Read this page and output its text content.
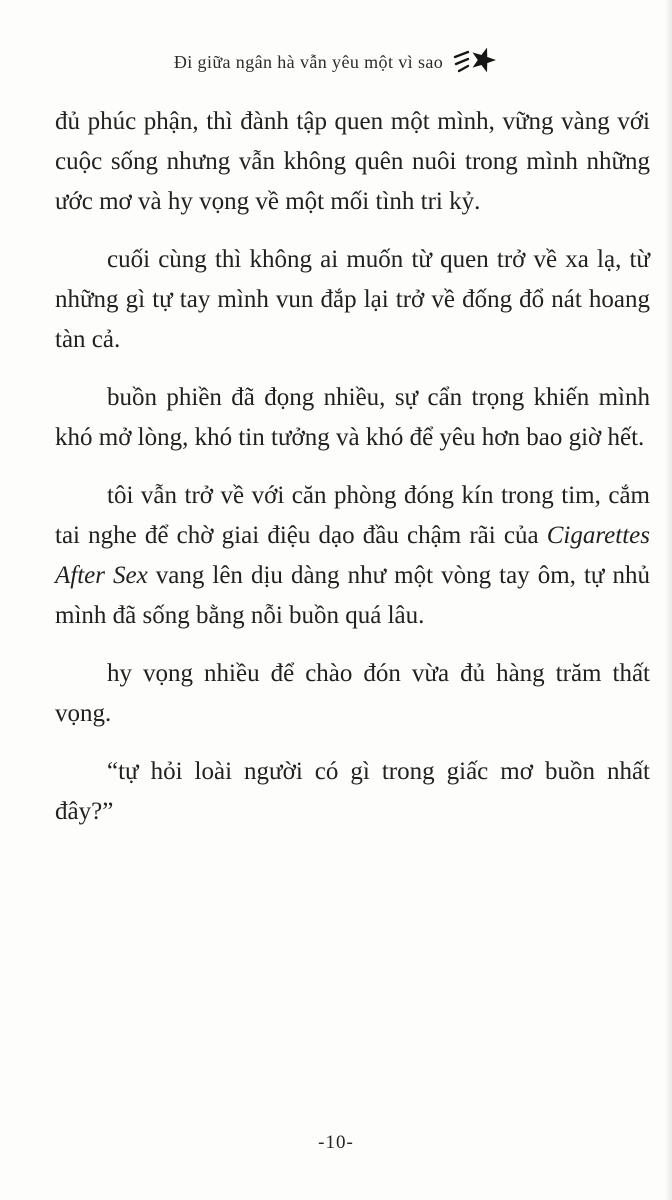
Đi giữa ngân hà vẫn yêu một vì sao

đủ phúc phận, thì đành tập quen một mình, vững vàng với cuộc sống nhưng vẫn không quên nuôi trong mình những ước mơ và hy vọng về một mối tình tri kỷ.

cuối cùng thì không ai muốn từ quen trở về xa lạ, từ những gì tự tay mình vun đắp lại trở về đống đổ nát hoang tàn cả.

buồn phiền đã đọng nhiều, sự cẩn trọng khiến mình khó mở lòng, khó tin tưởng và khó để yêu hơn bao giờ hết.

tôi vẫn trở về với căn phòng đóng kín trong tim, cắm tai nghe để chờ giai điệu dạo đầu chậm rãi của Cigarettes After Sex vang lên dịu dàng như một vòng tay ôm, tự nhủ mình đã sống bằng nỗi buồn quá lâu.

hy vọng nhiều để chào đón vừa đủ hàng trăm thất vọng.

“tự hỏi loài người có gì trong giấc mơ buồn nhất đây?”

-10-
